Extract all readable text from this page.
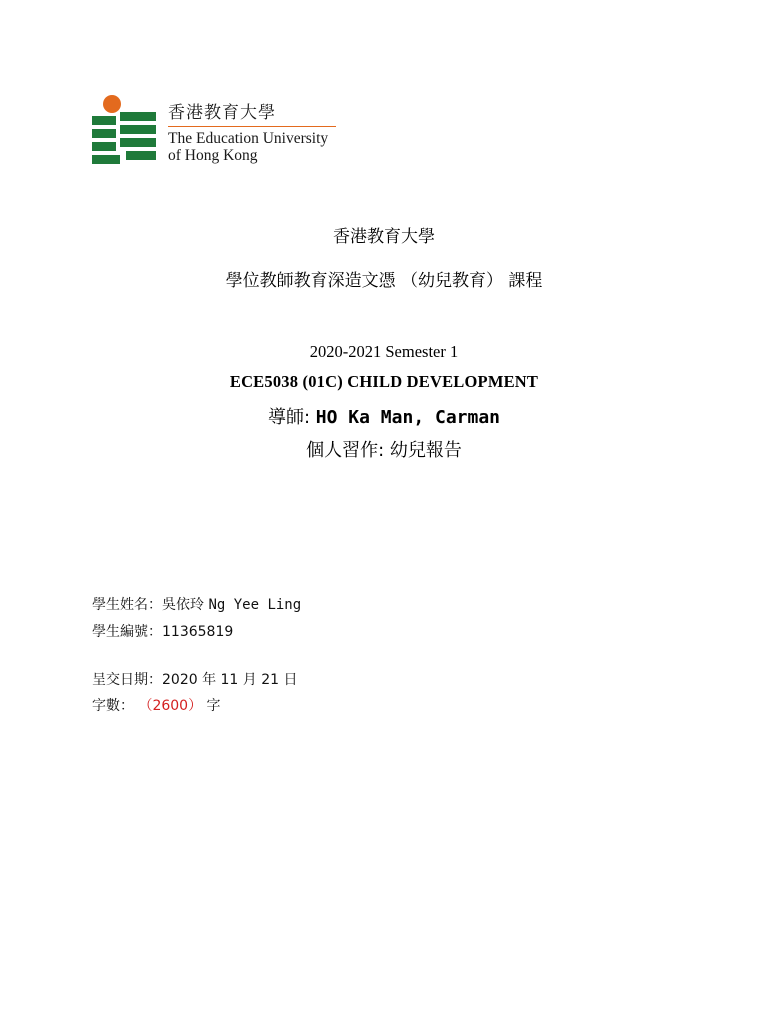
香港教育大學
The Education University
of Hong Kong
香港教育大學
學位教師教育深造文憑 （幼兒教育） 課程
2020-2021 Semester 1
ECE5038 (01C) CHILD DEVELOPMENT
導師: HO Ka Man, Carman
個人習作: 幼兒報告
學生姓名：吳依玲 Ng Yee Ling
學生編號：11365819
呈交日期：2020 年 11 月 21 日
字數： （2600） 字
